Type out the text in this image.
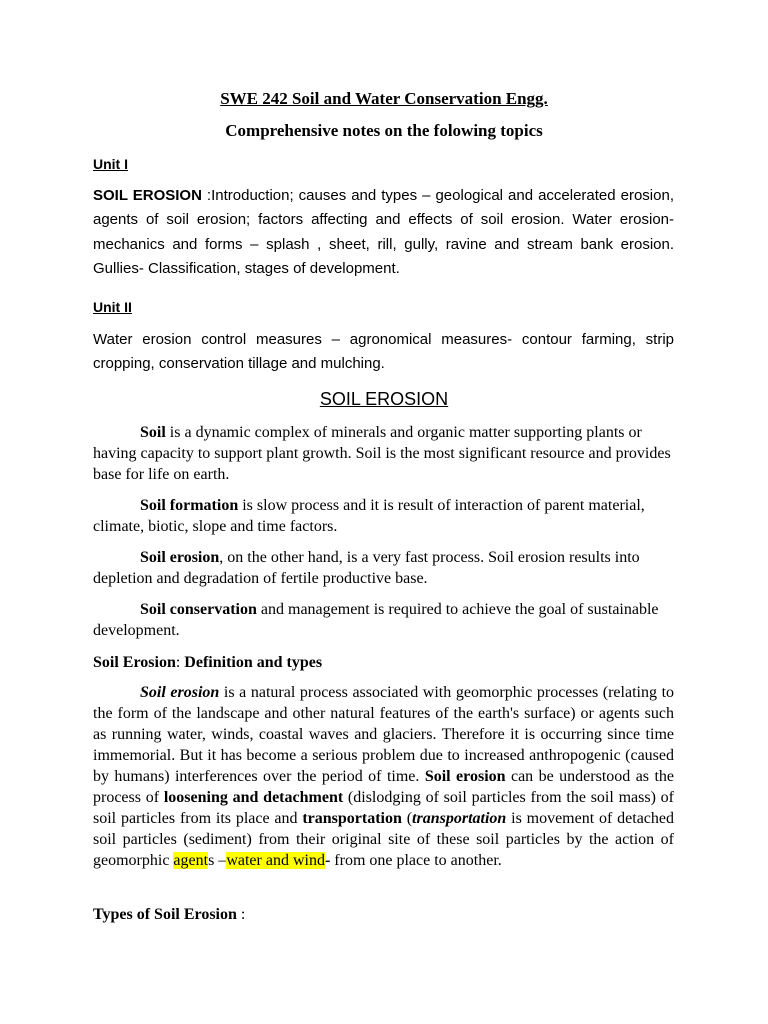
SWE 242 Soil and Water Conservation Engg.
Comprehensive notes on the folowing topics
Unit I
SOIL EROSION :Introduction; causes and types – geological and accelerated erosion, agents of soil erosion; factors affecting and effects of soil erosion. Water erosion- mechanics and forms – splash , sheet, rill, gully, ravine and stream bank erosion. Gullies- Classification, stages of development.
Unit II
Water erosion control measures – agronomical measures- contour farming, strip cropping, conservation tillage and mulching.
SOIL EROSION
Soil is a dynamic complex of minerals and organic matter supporting plants or having capacity to support plant growth. Soil is the most significant resource and provides base for life on earth.
Soil formation is slow process and it is result of interaction of parent material, climate, biotic, slope and time factors.
Soil erosion, on the other hand, is a very fast process. Soil erosion results into depletion and degradation of fertile productive base.
Soil conservation and management is required to achieve the goal of sustainable development.
Soil Erosion: Definition and types
Soil erosion is a natural process associated with geomorphic processes (relating to the form of the landscape and other natural features of the earth's surface) or agents such as running water, winds, coastal waves and glaciers. Therefore it is occurring since time immemorial. But it has become a serious problem due to increased anthropogenic (caused by humans) interferences over the period of time. Soil erosion can be understood as the process of loosening and detachment (dislodging of soil particles from the soil mass) of soil particles from its place and transportation (transportation is movement of detached soil particles (sediment) from their original site of these soil particles by the action of geomorphic agents –water and wind- from one place to another.
Types of Soil Erosion :
